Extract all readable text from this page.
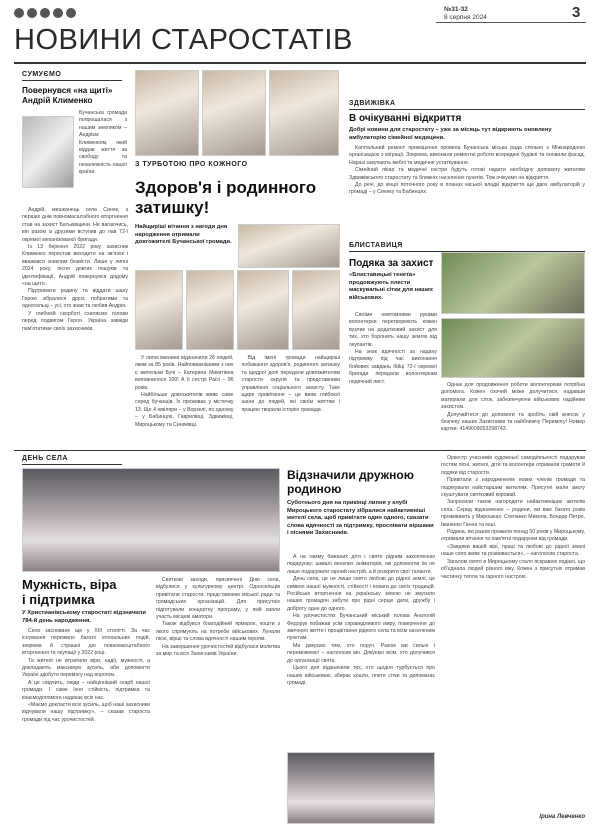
№31-32
8 серпня 2024	3
НОВИНИ СТАРОСТАТІВ
СУМУЄМО
Повернувся «на щиті»
Андрій Клименко
Бучанська громада попрощалася з нашим земляком – Андрієм Клименком, який віддав життя за свободу та незалежність нашої країни.

Андрій, мешканець села Синяк, з перших днів повномасштабного вторгнення став на захист Батьківщини. Не вагаючись, він разом із друзями вступив до лав 72-ї окремої механізованої бригади.

Із 13 березня 2022 року захисник Клименко перестав виходити на зв'язок і вважався зниклим безвісти. Лише у липні 2024 року, після довгих пошуків та ідентифікації, Андрій повернувся додому «на щиті».

Підтримати родину та віддати шану Герою зібралися друзі, побратими та односельці – усі, хто знав та любив Андрія.

У глибокій скорботі схиляємо голови перед подвигом Героя. Україна завжди пам'ятатиме своїх захисників.

З ТУРБОТОЮ ПРО КОЖНОГО
Здоров'я і родинного затишку!
Найщиріші вітання з нагоди дня народження отримали довгожителі Бучанської громади.

У липні іменини відзначили 28 людей, яким за 85 років. Найповажнішими з них є жительки Бучі – Катерина Микитівна виповнилося 100! А її сестрі Раїсі – 96 років.

Найбільше довгожителів живе саме серед бучанців. Їх проживає у містечку 13. Ще 4 ювіляри – у Ворзелі, по одному – у Бабинцях, Гаврилівці, Здвижівці, Мироцькому та Синяківці.

Від імені громади найщиріші побажання здоров'я, родинного затишку та щедрої долі передали довгожителям старости округів та представники управління соціального захисту. Таке щире привітання – це вияв глибокої шани до людей, які своїм життям і працею творили історію громади.

ЗДВИЖІВКА
В очікуванні відкриття
Добрі новини для старостату – уже за місяць тут відкриють оновлену амбулаторію сімейної медицини.

Капітальний ремонт приміщення провела Бучанська міська рада спільно з Міжнародною організацією з міграції. Зокрема, виконали ремонтні роботи всередині будівлі та оновили фасад. Наразі закупають меблі та медичне устаткування.

Сімейний лікар та медичні сестри будуть готові надати необхідну допомогу жителям Здвижівського старостату та ближніх населених пунктів. Тож очікуємо на відкриття.

До речі, до кінця поточного року в планах міської влади відкриття ще двох амбулаторій у громаді – у Синяку та Бабинцях.

БЛИСТАВИЦЯ
Подяка за захист
«Блиставицькі тенета» продовжують плести маскувальні сітки для наших військових.

Своїми невтомними руками волонтерки перетворюють кожен вузлик на додатковий захист для тих, хто боронить нашу землю від окупантів.

На знак вдячності за надану підтримку під час виконання бойових завдань бійці 72-ї окремої бригади передали волонтеркам подячний лист.

Однак для продовження роботи волонтеркам потрібна допомога. Кожен охочий може долучитися, надавши матеріали для сіток, забезпечуючи військових надійним захистом.

Долучайтеся до допомоги та зробіть свій внесок у безпеку наших Захисників та найближчу Перемогу! Номер картки: 4149609053298743.

ДЕНЬ СЕЛА
Мужність, віра
і підтримка
У Христианівському старостаті відзначили 784-й день народження.

Село засноване ще у XIII столітті. За час існування пережило багато епохальних подій, зокрема й страшні дні повномасштабного вторгнення та окупації у 2022 році.

Та жителі не втратили віри, надії, мужності, а докладають максимум зусиль, аби допомогти Україні здобути перемогу над ворогом.

А це свідчить, люди – найцінніший скарб нашої громади. І саме їхня стійкість, підтримка та взаємодопомога надихає всіх нас.

«Маємо докласти всіх зусиль, щоб наші захисники відчували нашу підтримку», – сказав староста громади під час урочистостей.

Святкові заходи, присвячені Дню села, відбулися у культурному центрі. Односельців привітали старости, представники міської ради та громадських організацій. Для присутніх підготували концертну програму, у якій взяли участь місцеві аматори.

Також відбувся благодійний ярмарок, кошти з якого спрямують на потреби військових. Лунали пісні, вірші та слова вдячності нашим героям.

На завершення урочистостей відбулася молитва за мир та всіх Захисників України.

Відзначили дружною родиною
Суботнього дня на прикінці липня у клубі Мироцького старостату зібралися найактивніші жителі села, щоб привітати один одного, сказати слова вдячності за підтримку, проспівати віршами і піснями Захисників.

А на гамму бажаних дітя і свято рідним захопленню подарунку: шквалі веселих аніматорів, які допомогли їм не лише подарувати гарний настрій, а й розкрити свої таланти.

День села, це не лише свято любові до рідної землі, це символ нашої мужності, стійкості і поваги до своїх традицій. Російське вторгнення на українську землю не змусило наших громадян забути про рідні серцю дати, дружбу і доброту одне до одного.

На урочистостях Бучанський міський голова Анатолій Федорук побажав усім справедливого миру, повернення до звичного життя і процвітання рідного села та всім населеним пунктам.

Ми дякуємо тим, хто поруч. Разом ми сильні і переможемо! – наголосив він. Дякуємо всім, хто долучився до організації свята.

Цього дня відзначили тих, хто щодня турбується про наших військових, збирає кошти, плете сітки та допомагає громаді.

Оркестр учасників художньої самодіяльності подарував гостям пісні, жителі, діти та волонтери отримали грамоти й подяки від старости.

Привітали з народженням нових членів громади та подякували найстаршим жителям. Присутні мали змогу скуштувати святковий коровай.

Запросили також нагородити найактивніших жителів села. Серед відзначених – родини, які вже багато років проживають у Мирошках: Степанко Микола, Бондар Петро, Іваненко Ганна та інші.

Родина, які разом прожили понад 50 років у Мироцькому, отримали вітання та пам'ятні подарунки від громади.

«Завдяки вашій вірі, праці та любові до рідної землі наше село живе та розвивається», – наголосив староста.

Загалом свято в Мироцькому стало яскравою подією, що об'єднала людей різного віку. Кожен з присутніх отримав частинку тепла та гарного настрою.

Ірина Левченко
